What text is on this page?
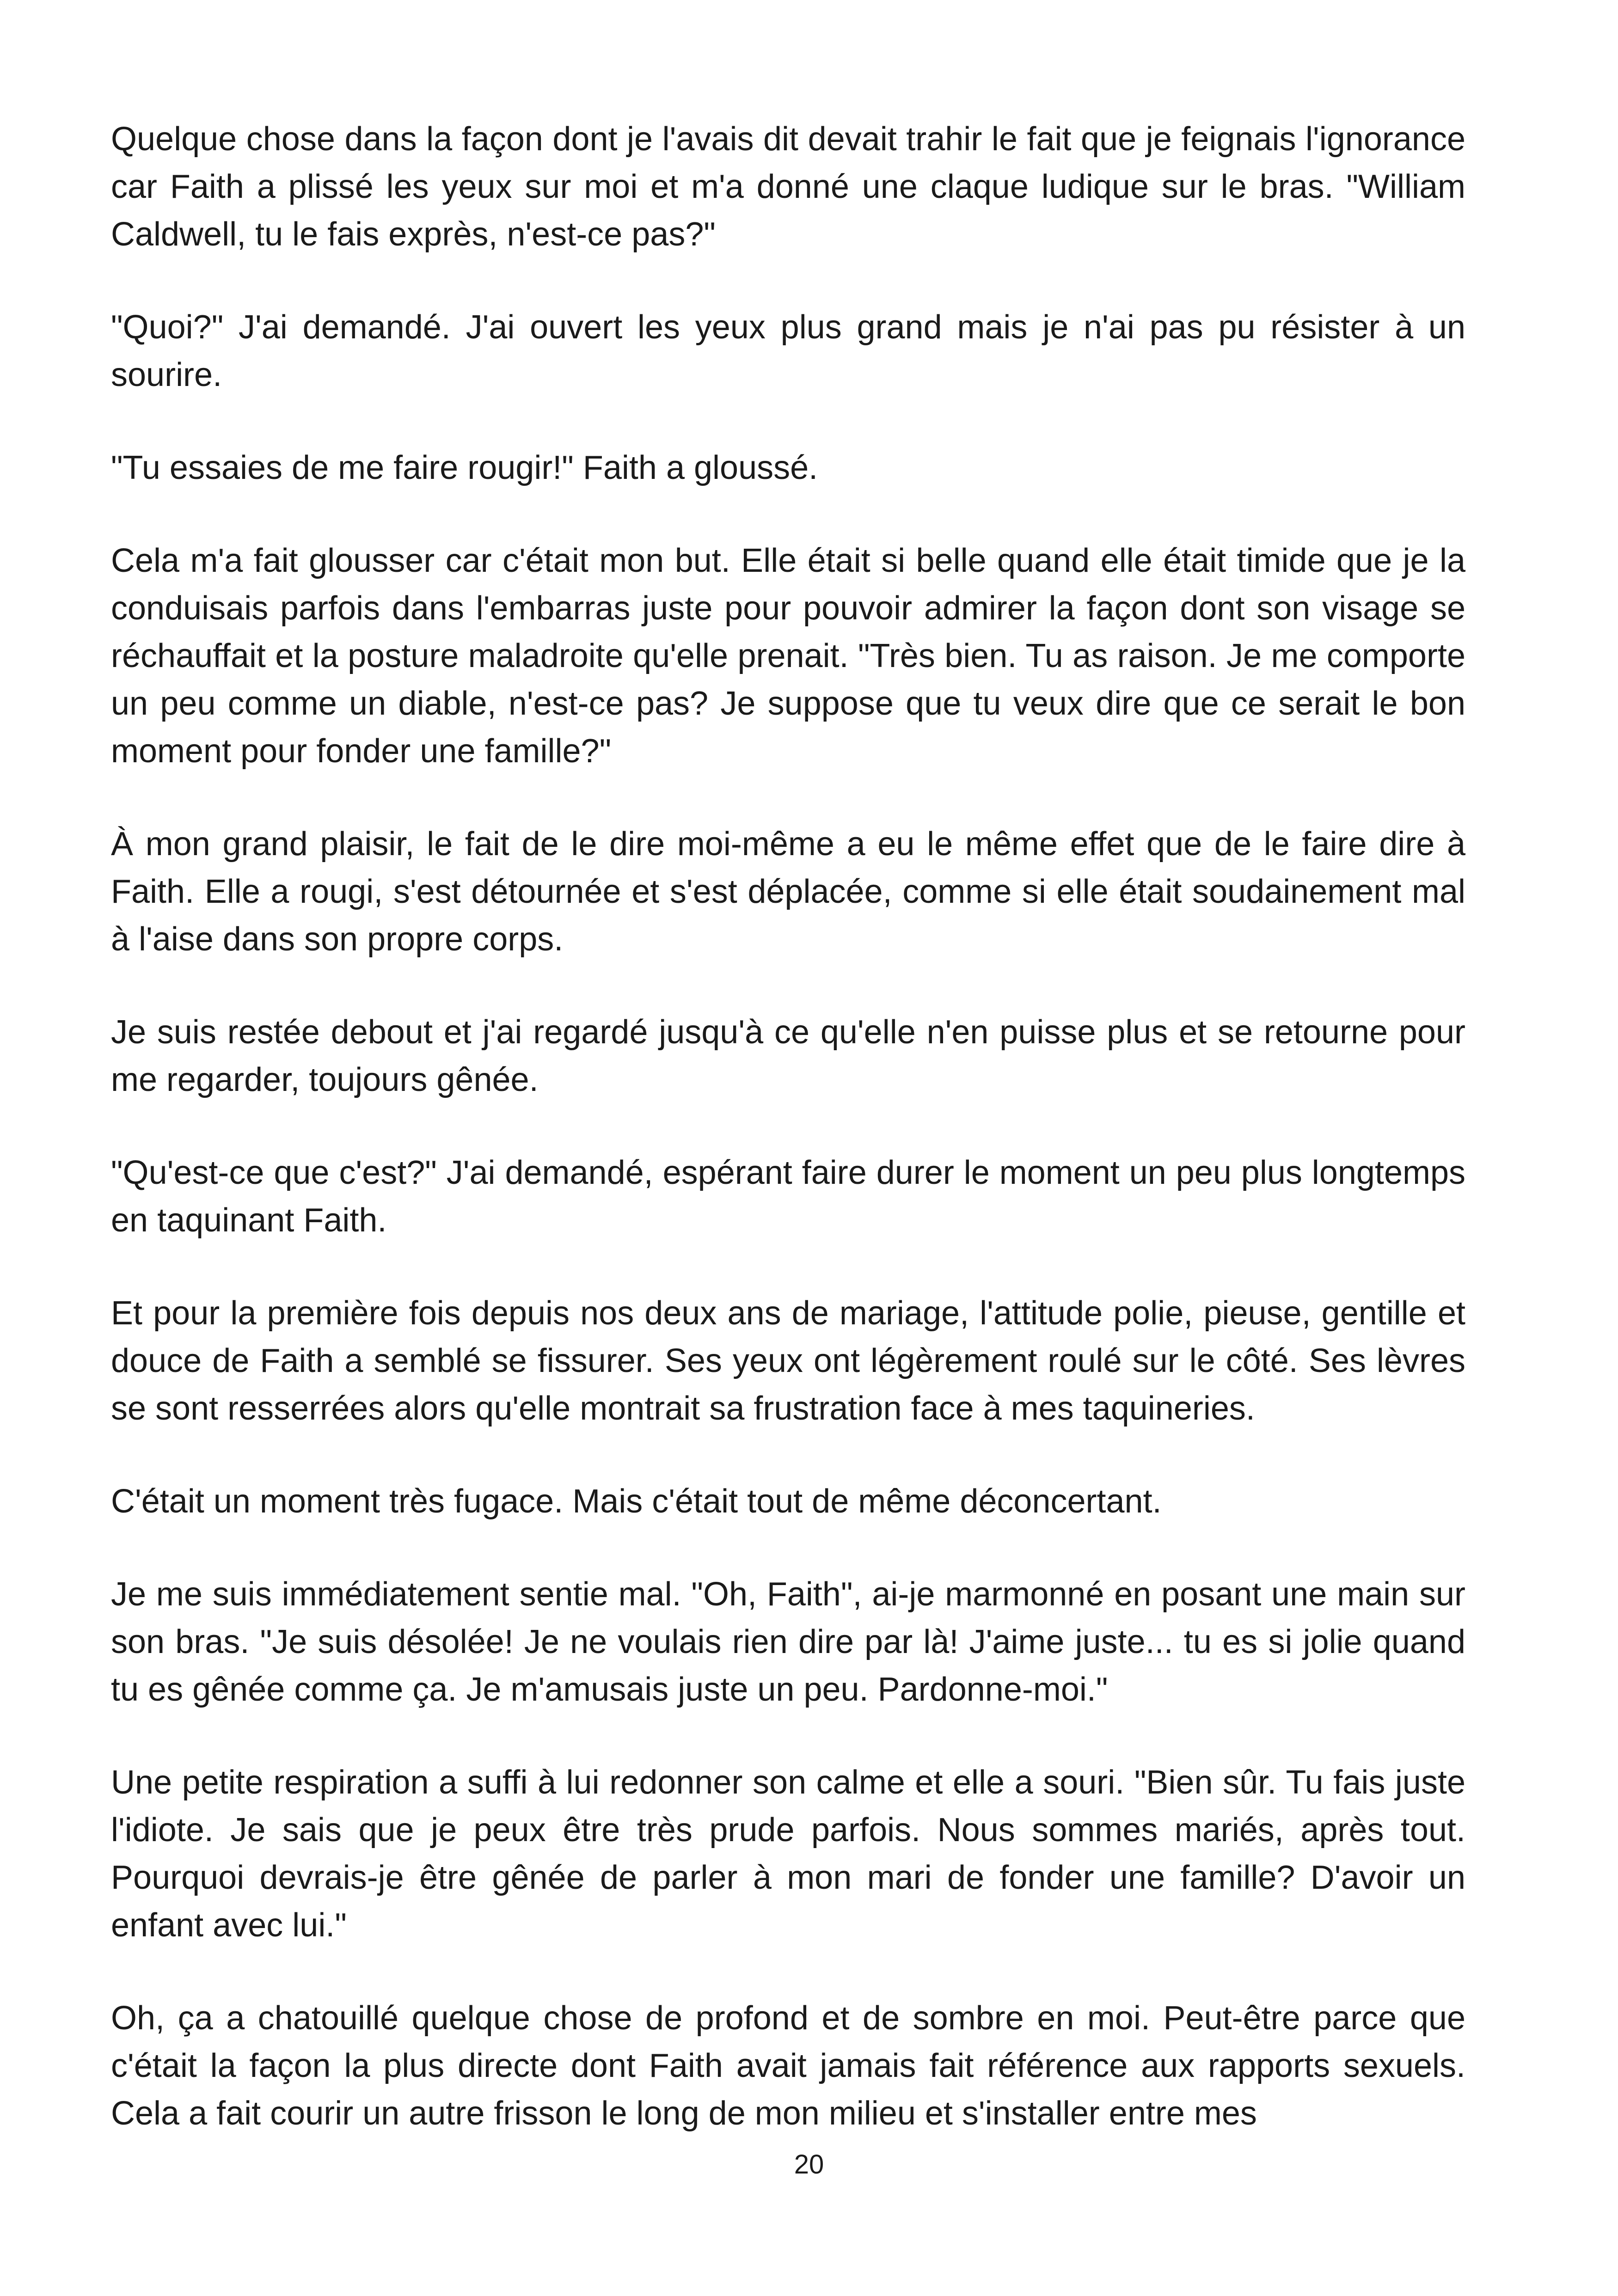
Quelque chose dans la façon dont je l'avais dit devait trahir le fait que je feignais l'ignorance car Faith a plissé les yeux sur moi et m'a donné une claque ludique sur le bras. "William Caldwell, tu le fais exprès, n'est-ce pas?"

"Quoi?" J'ai demandé. J'ai ouvert les yeux plus grand mais je n'ai pas pu résister à un sourire.

"Tu essaies de me faire rougir!" Faith a gloussé.

Cela m'a fait glousser car c'était mon but. Elle était si belle quand elle était timide que je la conduisais parfois dans l'embarras juste pour pouvoir admirer la façon dont son visage se réchauffait et la posture maladroite qu'elle prenait. "Très bien. Tu as raison. Je me comporte un peu comme un diable, n'est-ce pas? Je suppose que tu veux dire que ce serait le bon moment pour fonder une famille?"

À mon grand plaisir, le fait de le dire moi-même a eu le même effet que de le faire dire à Faith. Elle a rougi, s'est détournée et s'est déplacée, comme si elle était soudainement mal à l'aise dans son propre corps.

Je suis restée debout et j'ai regardé jusqu'à ce qu'elle n'en puisse plus et se retourne pour me regarder, toujours gênée.

"Qu'est-ce que c'est?" J'ai demandé, espérant faire durer le moment un peu plus longtemps en taquinant Faith.

Et pour la première fois depuis nos deux ans de mariage, l'attitude polie, pieuse, gentille et douce de Faith a semblé se fissurer. Ses yeux ont légèrement roulé sur le côté. Ses lèvres se sont resserrées alors qu'elle montrait sa frustration face à mes taquineries.

C'était un moment très fugace. Mais c'était tout de même déconcertant.

Je me suis immédiatement sentie mal. "Oh, Faith", ai-je marmonné en posant une main sur son bras. "Je suis désolée! Je ne voulais rien dire par là! J'aime juste... tu es si jolie quand tu es gênée comme ça. Je m'amusais juste un peu. Pardonne-moi."

Une petite respiration a suffi à lui redonner son calme et elle a souri. "Bien sûr. Tu fais juste l'idiote. Je sais que je peux être très prude parfois. Nous sommes mariés, après tout. Pourquoi devrais-je être gênée de parler à mon mari de fonder une famille? D'avoir un enfant avec lui."

Oh, ça a chatouillé quelque chose de profond et de sombre en moi. Peut-être parce que c'était la façon la plus directe dont Faith avait jamais fait référence aux rapports sexuels. Cela a fait courir un autre frisson le long de mon milieu et s'installer entre mes

20
